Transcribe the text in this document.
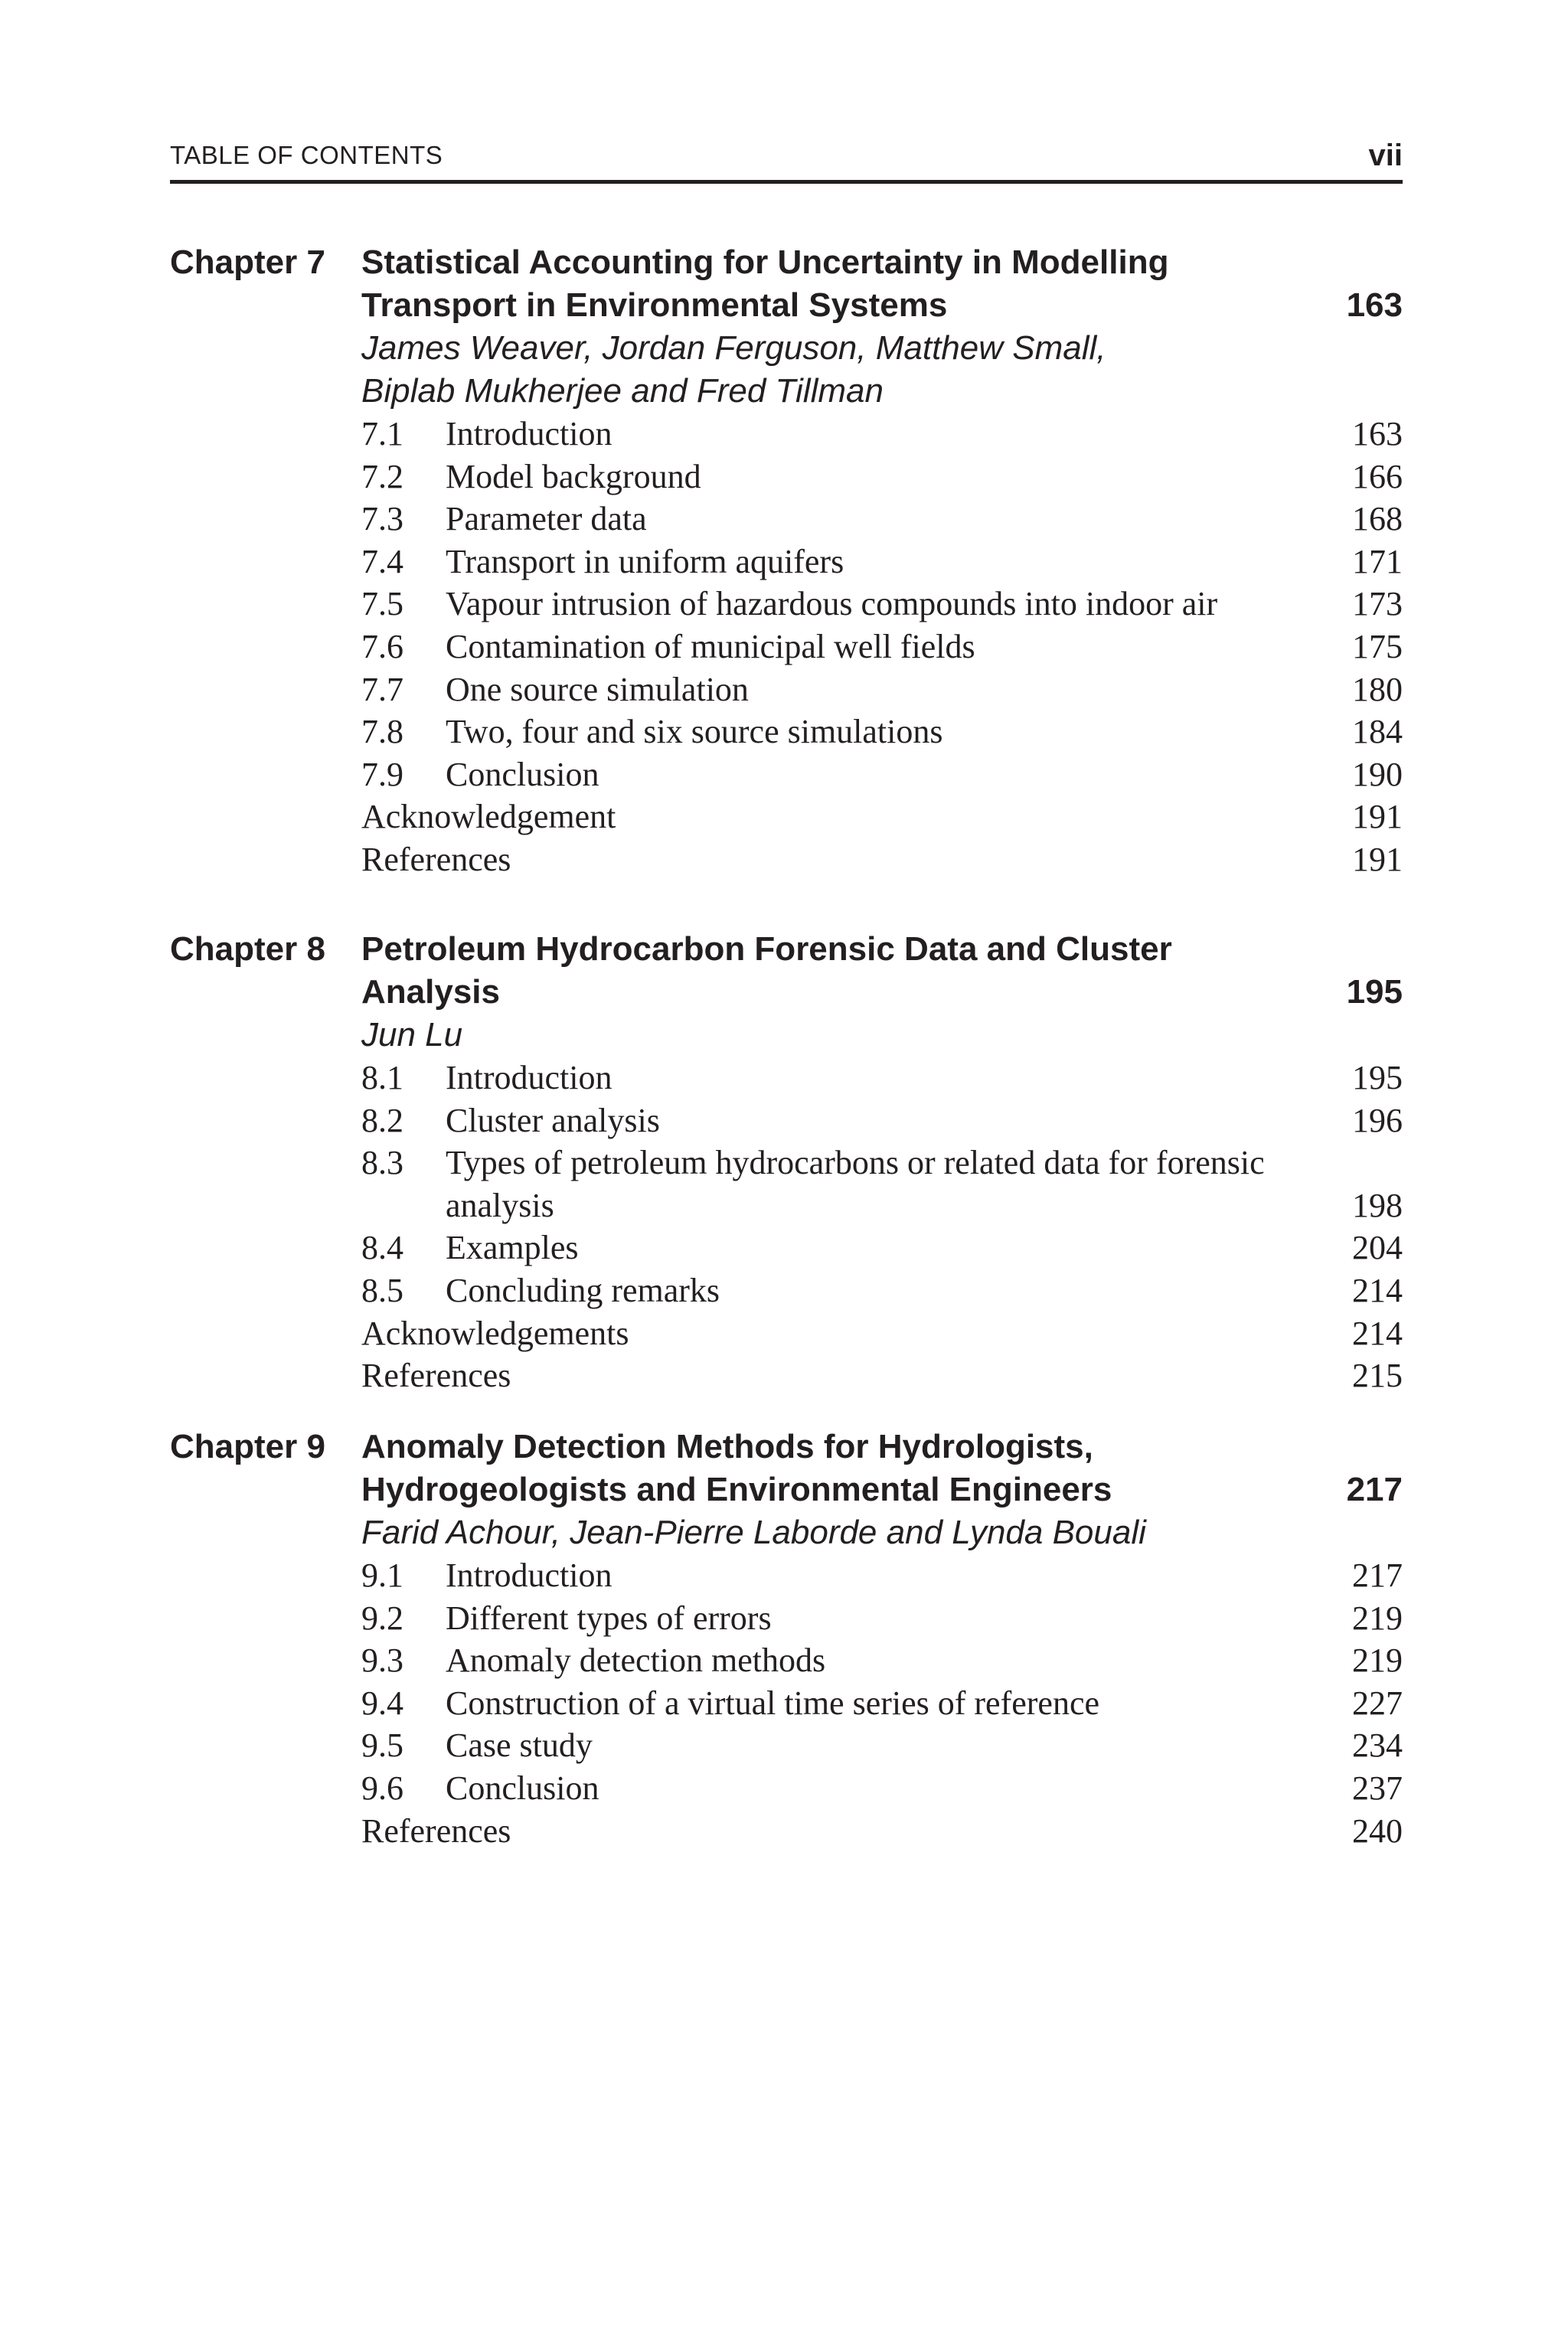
TABLE OF CONTENTS	vii
Chapter 7 Statistical Accounting for Uncertainty in Modelling
Transport in Environmental Systems	163
James Weaver, Jordan Ferguson, Matthew Small,
Biplab Mukherjee and Fred Tillman
7.1 Introduction	163
7.2 Model background	166
7.3 Parameter data	168
7.4 Transport in uniform aquifers	171
7.5 Vapour intrusion of hazardous compounds into indoor air	173
7.6 Contamination of municipal well fields	175
7.7 One source simulation	180
7.8 Two, four and six source simulations	184
7.9 Conclusion	190
Acknowledgement	191
References	191
Chapter 8 Petroleum Hydrocarbon Forensic Data and Cluster
Analysis	195
Jun Lu
8.1 Introduction	195
8.2 Cluster analysis	196
8.3 Types of petroleum hydrocarbons or related data for forensic
analysis	198
8.4 Examples	204
8.5 Concluding remarks	214
Acknowledgements	214
References	215
Chapter 9 Anomaly Detection Methods for Hydrologists,
Hydrogeologists and Environmental Engineers	217
Farid Achour, Jean-Pierre Laborde and Lynda Bouali
9.1 Introduction	217
9.2 Different types of errors	219
9.3 Anomaly detection methods	219
9.4 Construction of a virtual time series of reference	227
9.5 Case study	234
9.6 Conclusion	237
References	240
